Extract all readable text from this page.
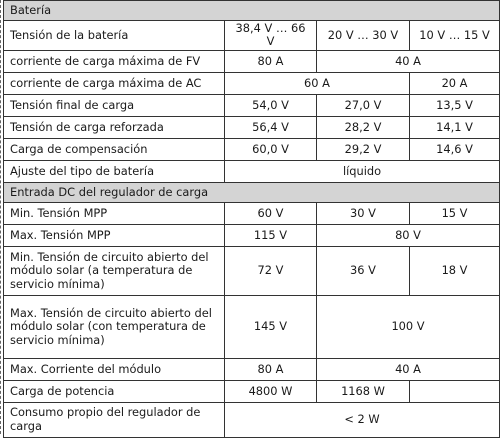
Batería			
Tensión de la batería	38,4 V … 66 V	20 V … 30 V	10 V … 15 V
corriente de carga máxima de FV	80 A	40 A	
corriente de carga máxima de AC	60 A		20 A
Tensión final de carga	54,0 V	27,0 V	13,5 V
Tensión de carga reforzada	56,4 V	28,2 V	14,1 V
Carga de compensación	60,0 V	29,2 V	14,6 V
Ajuste del tipo de batería	líquido		
Entrada DC del regulador de carga			
Min. Tensión MPP	60 V	30 V	15 V
Max. Tensión MPP	115 V	80 V	
Min. Tensión de circuito abierto del módulo solar (a temperatura de servicio mínima)	72 V	36 V	18 V
Max. Tensión de circuito abierto del módulo solar (con temperatura de servicio mínima)	145 V	100 V	
Max. Corriente del módulo	80 A	40 A	
Carga de potencia	4800 W	1168 W	
Consumo propio del regulador de carga	< 2 W		
